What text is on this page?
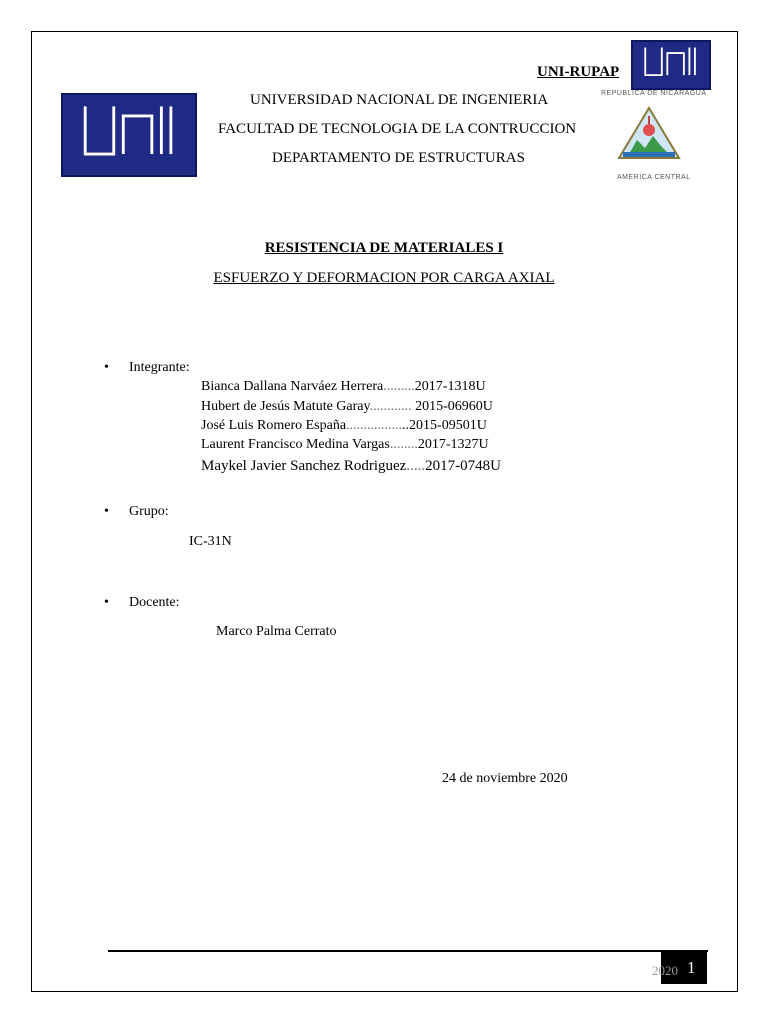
UNI-RUPAP
REPUBLICA DE NICARAGUA
AMERICA CENTRAL
UNIVERSIDAD NACIONAL DE INGENIERIA
FACULTAD DE TECNOLOGIA DE LA CONTRUCCION
DEPARTAMENTO DE ESTRUCTURAS
RESISTENCIA DE MATERIALES I
ESFUERZO Y DEFORMACION POR CARGA AXIAL
• Integrante:
Bianca Dallana Narváez Herrera.........2017-1318U
Hubert de Jesús Matute Garay............ 2015-06960U
José Luis Romero España..................2015-09501U
Laurent Francisco Medina Vargas........2017-1327U
Maykel Javier Sanchez Rodriguez.....2017-0748U
• Grupo:
IC-31N
• Docente:
Marco Palma Cerrato
24 de noviembre 2020
2020 1
